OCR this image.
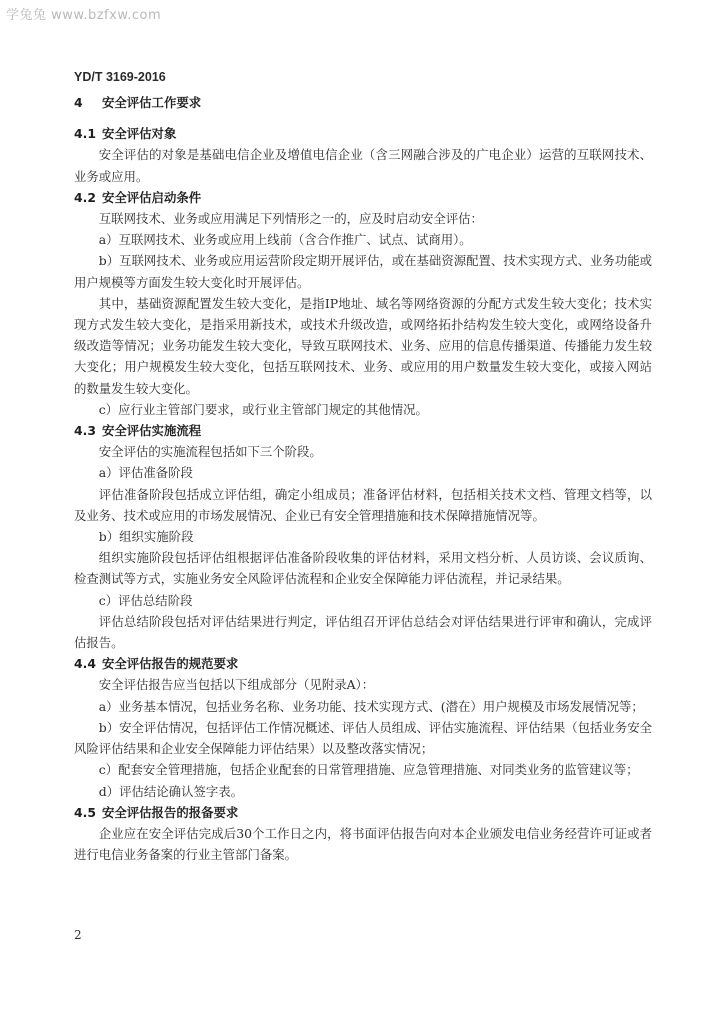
学兔兔 www.bzfxw.com
YD/T 3169-2016
4 安全评估工作要求
4.1 安全评估对象

安全评估的对象是基础电信企业及增值电信企业（含三网融合涉及的广电企业）运营的互联网技术、业务或应用。

4.2 安全评估启动条件

互联网技术、业务或应用满足下列情形之一的，应及时启动安全评估：

a）互联网技术、业务或应用上线前（含合作推广、试点、试商用）。

b）互联网技术、业务或应用运营阶段定期开展评估，或在基础资源配置、技术实现方式、业务功能或用户规模等方面发生较大变化时开展评估。

其中，基础资源配置发生较大变化，是指IP地址、域名等网络资源的分配方式发生较大变化；技术实现方式发生较大变化，是指采用新技术，或技术升级改造，或网络拓扑结构发生较大变化，或网络设备升级改造等情况；业务功能发生较大变化，导致互联网技术、业务、应用的信息传播渠道、传播能力发生较大变化；用户规模发生较大变化，包括互联网技术、业务、或应用的用户数量发生较大变化，或接入网站的数量发生较大变化。

c）应行业主管部门要求，或行业主管部门规定的其他情况。

4.3 安全评估实施流程

安全评估的实施流程包括如下三个阶段。

a）评估准备阶段

评估准备阶段包括成立评估组，确定小组成员；准备评估材料，包括相关技术文档、管理文档等，以及业务、技术或应用的市场发展情况、企业已有安全管理措施和技术保障措施情况等。

b）组织实施阶段

组织实施阶段包括评估组根据评估准备阶段收集的评估材料，采用文档分析、人员访谈、会议质询、检查测试等方式，实施业务安全风险评估流程和企业安全保障能力评估流程，并记录结果。

c）评估总结阶段

评估总结阶段包括对评估结果进行判定，评估组召开评估总结会对评估结果进行评审和确认，完成评估报告。

4.4 安全评估报告的规范要求

安全评估报告应当包括以下组成部分（见附录A）：

a）业务基本情况，包括业务名称、业务功能、技术实现方式、(潜在）用户规模及市场发展情况等；

b）安全评估情况，包括评估工作情况概述、评估人员组成、评估实施流程、评估结果（包括业务安全风险评估结果和企业安全保障能力评估结果）以及整改落实情况；

c）配套安全管理措施，包括企业配套的日常管理措施、应急管理措施、对同类业务的监管建议等；

d）评估结论确认签字表。

4.5 安全评估报告的报备要求

企业应在安全评估完成后30个工作日之内，将书面评估报告向对本企业颁发电信业务经营许可证或者进行电信业务备案的行业主管部门备案。

2
